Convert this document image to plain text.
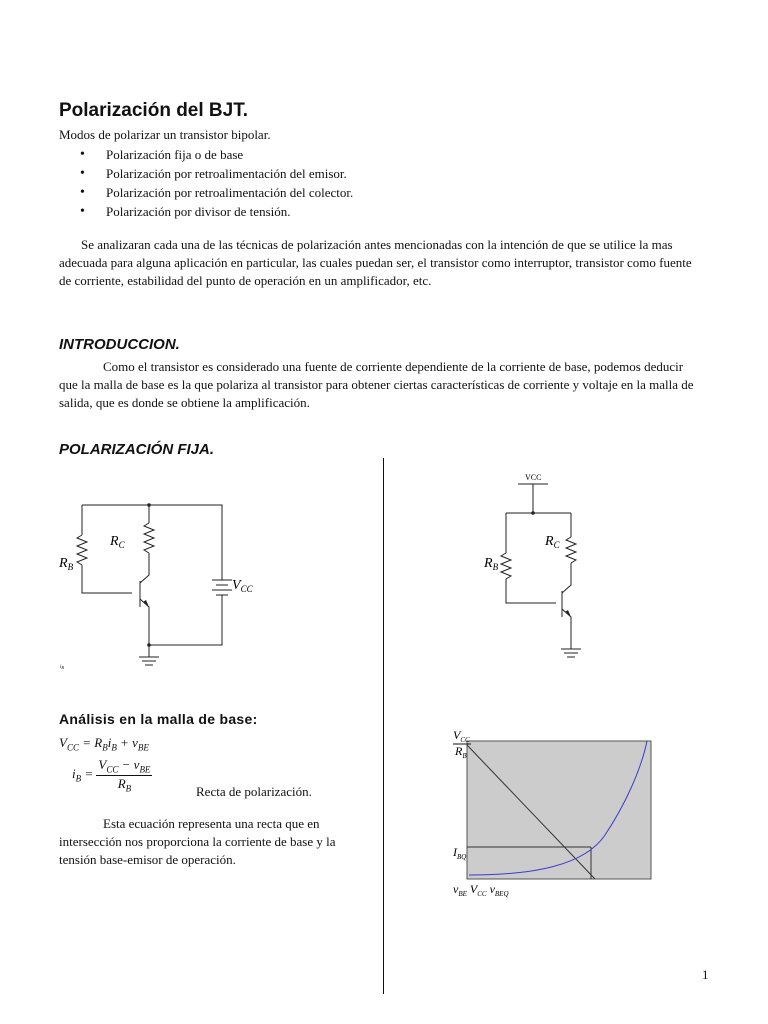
Polarización del BJT.
Modos de polarizar un transistor bipolar.
• Polarización fija o de base
• Polarización por retroalimentación del emisor.
• Polarización por retroalimentación del colector.
• Polarización por divisor de tensión.
Se analizaran cada una de las técnicas de polarización antes mencionadas con la intención de que se utilice la mas adecuada para alguna aplicación en particular, las cuales puedan ser, el transistor como interruptor, transistor como fuente de corriente, estabilidad del punto de operación en un amplificador, etc.
INTRODUCCION.
Como el transistor es considerado una fuente de corriente dependiente de la corriente de base, podemos deducir que la malla de base es la que polariza al transistor para obtener ciertas características de corriente y voltaje en la malla de salida, que es donde se obtiene la amplificación.
POLARIZACIÓN FIJA.
$R_B$
$R_C$
$V_{CC}$
$i_B$
VCC
$R_B$
$R_C$
Análisis en la malla de base:
$V_{CC} = R_Bi_B + v_{BE}$
$i_B = \frac{V_{CC} - v_{BE}}{R_B}$	Recta de polarización.
Esta ecuación representa una recta que en intersección nos proporciona la corriente de base y la tensión base-emisor de operación.
$V_{CC}$
$R_B$
$I_{BQ}$
$v_{BE}$ $V_{CC}$ $v_{BEQ}$
1
